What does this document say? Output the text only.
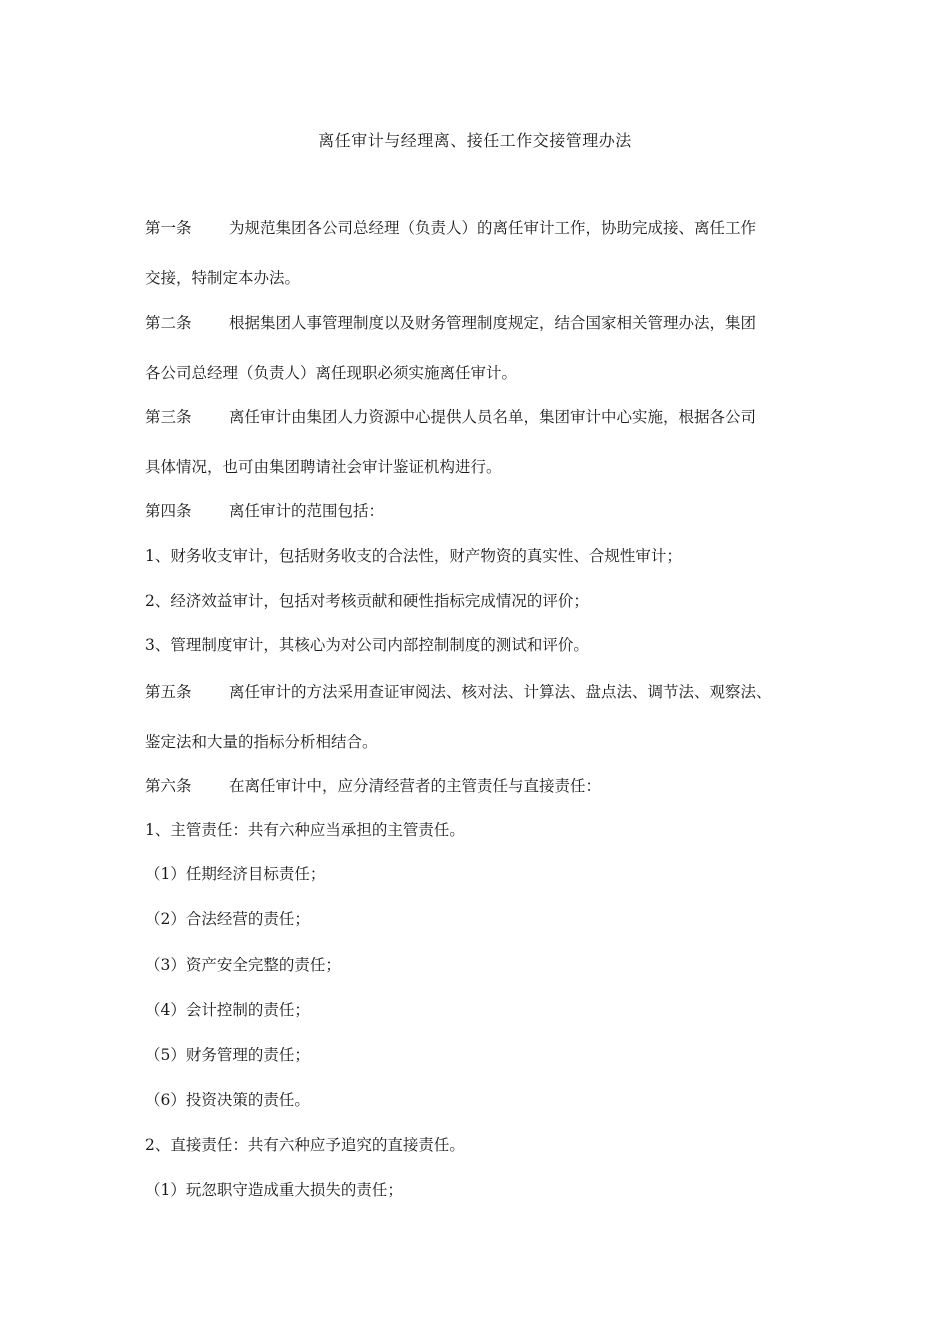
离任审计与经理离、接任工作交接管理办法
第一条 为规范集团各公司总经理（负责人）的离任审计工作，协助完成接、离任工作
交接，特制定本办法。
第二条 根据集团人事管理制度以及财务管理制度规定，结合国家相关管理办法，集团
各公司总经理（负责人）离任现职必须实施离任审计。
第三条 离任审计由集团人力资源中心提供人员名单，集团审计中心实施，根据各公司
具体情况，也可由集团聘请社会审计鉴证机构进行。
第四条 离任审计的范围包括：
1、财务收支审计，包括财务收支的合法性，财产物资的真实性、合规性审计；
2、经济效益审计，包括对考核贡献和硬性指标完成情况的评价；
3、管理制度审计，其核心为对公司内部控制制度的测试和评价。
第五条 离任审计的方法采用查证审阅法、核对法、计算法、盘点法、调节法、观察法、
鉴定法和大量的指标分析相结合。
第六条 在离任审计中，应分清经营者的主管责任与直接责任：
1、主管责任：共有六种应当承担的主管责任。
（1）任期经济目标责任；
（2）合法经营的责任；
（3）资产安全完整的责任；
（4）会计控制的责任；
（5）财务管理的责任；
（6）投资决策的责任。
2、直接责任：共有六种应予追究的直接责任。
（1）玩忽职守造成重大损失的责任；
